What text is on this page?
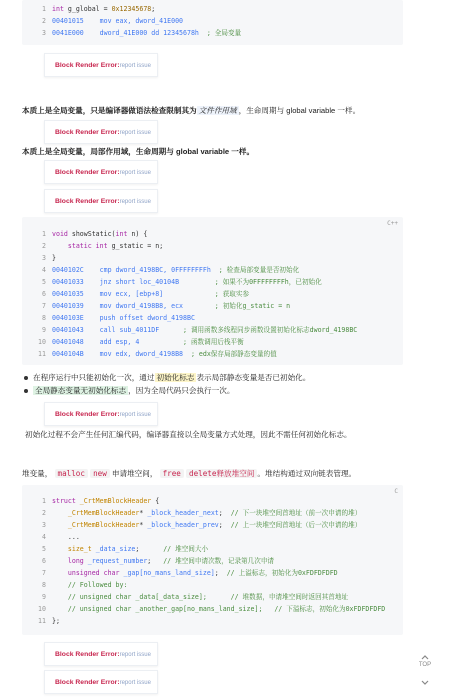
1 int g_global = 0x12345678;
2 00401015    mov eax, dword_41E000
3 0041E000    dword_41E000 dd 12345678h  ; 全局变量
Block Render Error:report issue
本质上是全局变量，只是编译器做语法检查限制其为 文件作用域 ，生命周期与 global variable 一样。
Block Render Error:report issue
本质上是全局变量，局部作用域，生命周期与 global variable 一样。
Block Render Error:report issue
Block Render Error:report issue
C++
1 void showStatic(int n) {
2	static int g_static = n;
3 }
4 0040102C    cmp dword_4198BC, 0FFFFFFFFh  ; 检查局部变量是否初始化
5 00401033    jnz short loc_40104B         ; 如果不为0FFFFFFFFh，已初始化
6 00401035    mov ecx, [ebp+8]             ; 获取实参
7 00401039    mov dword_4198B8, ecx        ; 初始化g_static = n
8 0040103E    push offset dword_4198BC
9 00401043    call sub_4011DF      ; 调用函数多线程同步函数设置初始化标志dword_4198BC
10 00401048    add esp, 4           ; 函数调用后栈平衡
11 0040104B    mov edx, dword_4198B8  ; edx保存局部静态变量的值
在程序运行中只能初始化一次，通过 初始化标志 表示局部静态变量是否已初始化。
全局静态变量无初始化标志 ，因为全局代码只会执行一次。
Block Render Error:report issue
初始化过程不会产生任何汇编代码，编译器直接以全局变量方式处理，因此不需任何初始化标志。
堆变量， malloc new 申请堆空间， free delete释放堆空间 。堆结构通过双向链表管理。
C
1 struct _CrtMemBlockHeader {
2	_CrtMemBlockHeader* _block_header_next;  // 下一块堆空间首地址（前一次申请的堆）
3	_CrtMemBlockHeader* _block_header_prev;  // 上一块堆空间首地址（后一次申请的堆）
4 ...
5	size_t _data_size;      // 堆空间大小
6	long _request_number;   // 堆空间申请次数，记录第几次申请
7	unsigned char _gap[no_mans_land_size];  // 上溢标志，初始化为0xFDFDFDFD
8	// Followed by:
9	// unsigned char _data[_data_size];      // 堆数据，申请堆空间时返回其首地址
10	// unsigned char _another_gap[no_mans_land_size];   // 下溢标志，初始化为0xFDFDFDFD
11 };
Block Render Error:report issue
Block Render Error:report issue
TOP
